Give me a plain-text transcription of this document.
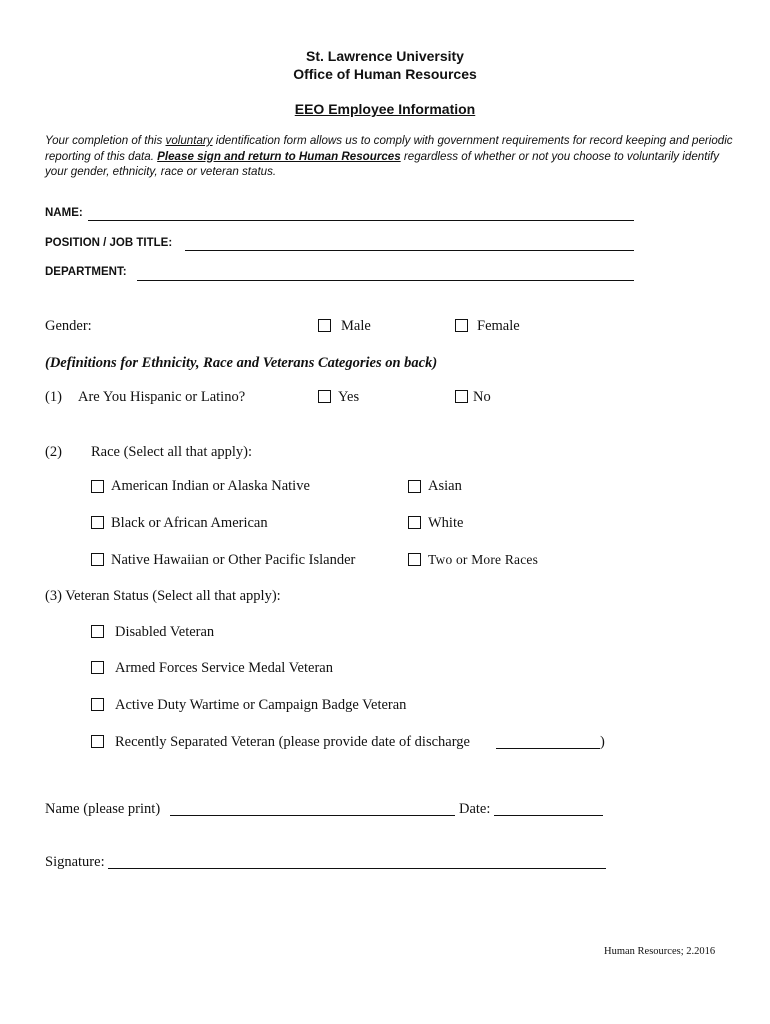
St. Lawrence University
Office of Human Resources
EEO Employee Information
Your completion of this voluntary identification form allows us to comply with government requirements for record keeping and periodic reporting of this data. Please sign and return to Human Resources regardless of whether or not you choose to voluntarily identify your gender, ethnicity, race or veteran status.
NAME:
POSITION / JOB TITLE:
DEPARTMENT:
Gender:	Male	Female
(Definitions for Ethnicity, Race and Veterans Categories on back)
(1) Are You Hispanic or Latino?	Yes	No
(2) Race (Select all that apply):
American Indian or Alaska Native	Asian
Black or African American	White
Native Hawaiian or Other Pacific Islander	Two or More Races
(3) Veteran Status (Select all that apply):
Disabled Veteran
Armed Forces Service Medal Veteran
Active Duty Wartime or Campaign Badge Veteran
Recently Separated Veteran (please provide date of discharge	)
Name (please print)	Date:
Signature:
Human Resources; 2.2016
